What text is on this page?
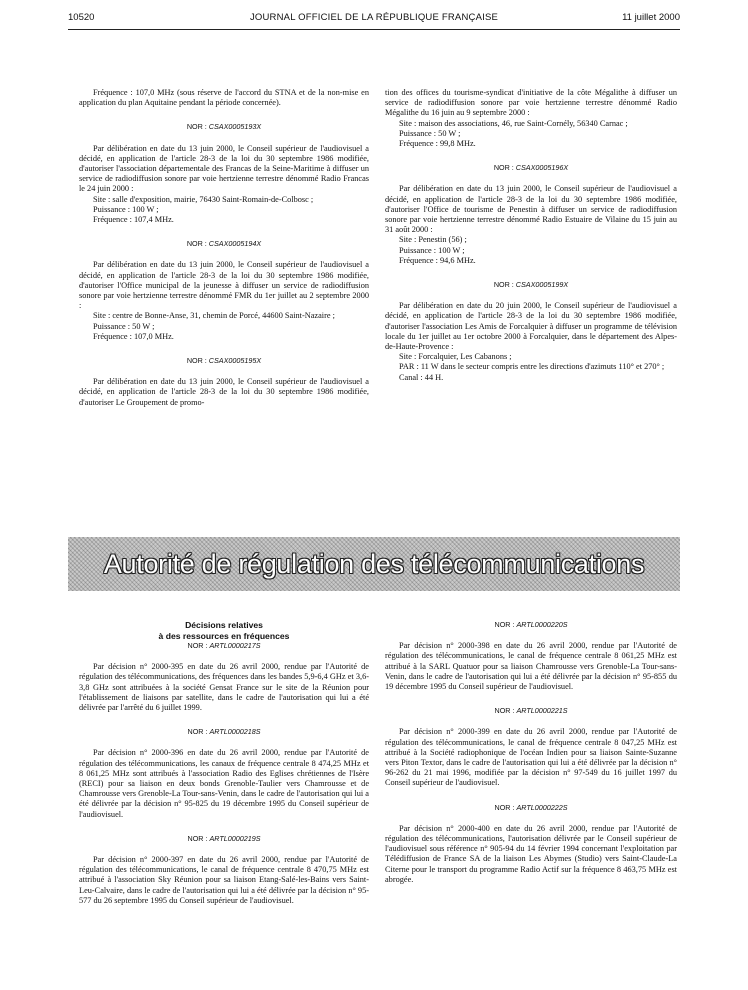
10520	JOURNAL OFFICIEL DE LA RÉPUBLIQUE FRANÇAISE	11 juillet 2000

Fréquence : 107,0 MHz (sous réserve de l'accord du STNA et de la non-mise en application du plan Aquitaine pendant la période concernée).

NOR : CSAX0005193X

Par délibération en date du 13 juin 2000, le Conseil supérieur de l'audiovisuel a décidé, en application de l'article 28-3 de la loi du 30 septembre 1986 modifiée, d'autoriser l'association départementale des Francas de la Seine-Maritime à diffuser un service de radiodiffusion sonore par voie hertzienne terrestre dénommé Radio Francas le 24 juin 2000 :

Site : salle d'exposition, mairie, 76430 Saint-Romain-de-Colbosc ;

Puissance : 100 W ;

Fréquence : 107,4 MHz.

NOR : CSAX0005194X

Par délibération en date du 13 juin 2000, le Conseil supérieur de l'audiovisuel a décidé, en application de l'article 28-3 de la loi du 30 septembre 1986 modifiée, d'autoriser l'Office municipal de la jeunesse à diffuser un service de radiodiffusion sonore par voie hertzienne terrestre dénommé FMR du 1er juillet au 2 septembre 2000 :

Site : centre de Bonne-Anse, 31, chemin de Porcé, 44600 Saint-Nazaire ;

Puissance : 50 W ;

Fréquence : 107,0 MHz.

NOR : CSAX0005195X

Par délibération en date du 13 juin 2000, le Conseil supérieur de l'audiovisuel a décidé, en application de l'article 28-3 de la loi du 30 septembre 1986 modifiée, d'autoriser Le Groupement de promo-

tion des offices du tourisme-syndicat d'initiative de la côte Mégalithe à diffuser un service de radiodiffusion sonore par voie hertzienne terrestre dénommé Radio Mégalithe du 16 juin au 9 septembre 2000 :

Site : maison des associations, 46, rue Saint-Cornély, 56340 Carnac ;

Puissance : 50 W ;

Fréquence : 99,8 MHz.

NOR : CSAX0005196X

Par délibération en date du 13 juin 2000, le Conseil supérieur de l'audiovisuel a décidé, en application de l'article 28-3 de la loi du 30 septembre 1986 modifiée, d'autoriser l'Office de tourisme de Penestin à diffuser un service de radiodiffusion sonore par voie hertzienne terrestre dénommé Radio Estuaire de Vilaine du 15 juin au 31 août 2000 :

Site : Penestin (56) ;

Puissance : 100 W ;

Fréquence : 94,6 MHz.

NOR : CSAX0005199X

Par délibération en date du 20 juin 2000, le Conseil supérieur de l'audiovisuel a décidé, en application de l'article 28-3 de la loi du 30 septembre 1986 modifiée, d'autoriser l'association Les Amis de Forcalquier à diffuser un programme de télévision locale du 1er juillet au 1er octobre 2000 à Forcalquier, dans le département des Alpes-de-Haute-Provence :

Site : Forcalquier, Les Cabanons ;

PAR : 11 W dans le secteur compris entre les directions d'azimuts 110° et 270° ;

Canal : 44 H.

Autorité de régulation des télécommunications

Décisions relatives

à des ressources en fréquences

NOR : ARTL0000217S

Par décision n° 2000-395 en date du 26 avril 2000, rendue par l'Autorité de régulation des télécommunications, des fréquences dans les bandes 5,9-6,4 GHz et 3,6-3,8 GHz sont attribuées à la société Gensat France sur le site de la Réunion pour l'établissement de liaisons par satellite, dans le cadre de l'autorisation qui lui a été délivrée par l'arrêté du 6 juillet 1999.

NOR : ARTL0000218S

Par décision n° 2000-396 en date du 26 avril 2000, rendue par l'Autorité de régulation des télécommunications, les canaux de fréquence centrale 8 474,25 MHz et 8 061,25 MHz sont attribués à l'association Radio des Eglises chrétiennes de l'Isère (RECI) pour sa liaison en deux bonds Grenoble-Taulier vers Chamrousse et de Chamrousse vers Grenoble-La Tour-sans-Venin, dans le cadre de l'autorisation qui lui a été délivrée par la décision n° 95-825 du 19 décembre 1995 du Conseil supérieur de l'audiovisuel.

NOR : ARTL0000219S

Par décision n° 2000-397 en date du 26 avril 2000, rendue par l'Autorité de régulation des télécommunications, le canal de fréquence centrale 8 470,75 MHz est attribué à l'association Sky Réunion pour sa liaison Etang-Salé-les-Bains vers Saint-Leu-Calvaire, dans le cadre de l'autorisation qui lui a été délivrée par la décision n° 95-577 du 26 septembre 1995 du Conseil supérieur de l'audiovisuel.

NOR : ARTL0000220S

Par décision n° 2000-398 en date du 26 avril 2000, rendue par l'Autorité de régulation des télécommunications, le canal de fréquence centrale 8 061,25 MHz est attribué à la SARL Quatuor pour sa liaison Chamrousse vers Grenoble-La Tour-sans-Venin, dans le cadre de l'autorisation qui lui a été délivrée par la décision n° 95-855 du 19 décembre 1995 du Conseil supérieur de l'audiovisuel.

NOR : ARTL0000221S

Par décision n° 2000-399 en date du 26 avril 2000, rendue par l'Autorité de régulation des télécommunications, le canal de fréquence centrale 8 047,25 MHz est attribué à la Société radiophonique de l'océan Indien pour sa liaison Sainte-Suzanne vers Piton Textor, dans le cadre de l'autorisation qui lui a été délivrée par la décision n° 96-262 du 21 mai 1996, modifiée par la décision n° 97-549 du 16 juillet 1997 du Conseil supérieur de l'audiovisuel.

NOR : ARTL0000222S

Par décision n° 2000-400 en date du 26 avril 2000, rendue par l'Autorité de régulation des télécommunications, l'autorisation délivrée par le Conseil supérieur de l'audiovisuel sous référence n° 905-94 du 14 février 1994 concernant l'exploitation par Télédiffusion de France SA de la liaison Les Abymes (Studio) vers Saint-Claude-La Citerne pour le transport du programme Radio Actif sur la fréquence 8 463,75 MHz est abrogée.
